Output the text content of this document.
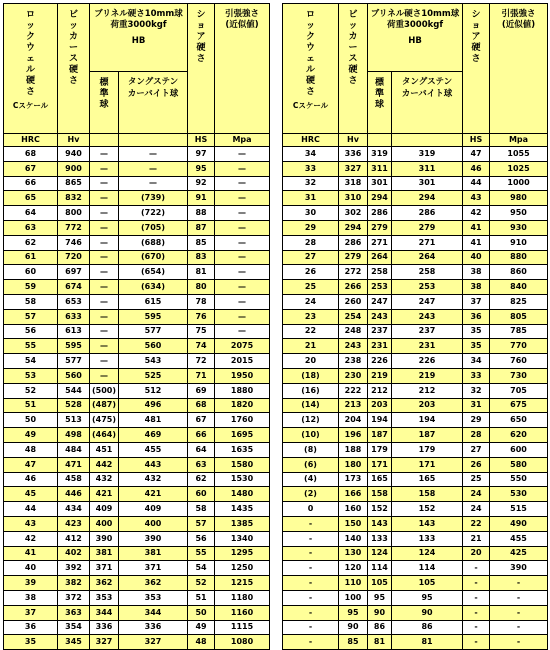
ロックウェル硬さ
Cスケール	ビッカース硬さ	ブリネル硬さ10mm球
荷重3000kgf
HB		ショア硬さ	引張強さ
(近似値)

		標準球	タングステン
カーバイト球		

HRC	Hv			HS	Mpa
68	940	—	—	97	—
67	900	—	—	95	—
66	865	—	—	92	—
65	832	—	(739)	91	—
64	800	—	(722)	88	—
63	772	—	(705)	87	—
62	746	—	(688)	85	—
61	720	—	(670)	83	—
60	697	—	(654)	81	—
59	674	—	(634)	80	—
58	653	—	615	78	—
57	633	—	595	76	—
56	613	—	577	75	—
55	595	—	560	74	2075
54	577	—	543	72	2015
53	560	—	525	71	1950
52	544	(500)	512	69	1880
51	528	(487)	496	68	1820
50	513	(475)	481	67	1760
49	498	(464)	469	66	1695
48	484	451	455	64	1635
47	471	442	443	63	1580
46	458	432	432	62	1530
45	446	421	421	60	1480
44	434	409	409	58	1435
43	423	400	400	57	1385
42	412	390	390	56	1340
41	402	381	381	55	1295
40	392	371	371	54	1250
39	382	362	362	52	1215
38	372	353	353	51	1180
37	363	344	344	50	1160
36	354	336	336	49	1115
35	345	327	327	48	1080
ロックウェル硬さ
Cスケール	ビッカース硬さ	ブリネル硬さ10mm球
荷重3000kgf
HB		ショア硬さ	引張強さ
(近似値)

		標準球	タングステン
カーバイト球		

HRC	Hv			HS	Mpa
34	336	319	319	47	1055
33	327	311	311	46	1025
32	318	301	301	44	1000
31	310	294	294	43	980
30	302	286	286	42	950
29	294	279	279	41	930
28	286	271	271	41	910
27	279	264	264	40	880
26	272	258	258	38	860
25	266	253	253	38	840
24	260	247	247	37	825
23	254	243	243	36	805
22	248	237	237	35	785
21	243	231	231	35	770
20	238	226	226	34	760
(18)	230	219	219	33	730
(16)	222	212	212	32	705
(14)	213	203	203	31	675
(12)	204	194	194	29	650
(10)	196	187	187	28	620
(8)	188	179	179	27	600
(6)	180	171	171	26	580
(4)	173	165	165	25	550
(2)	166	158	158	24	530
0	160	152	152	24	515
-	150	143	143	22	490
-	140	133	133	21	455
-	130	124	124	20	425
-	120	114	114	-	390
-	110	105	105	-	-
-	100	95	95	-	-
-	95	90	90	-	-
-	90	86	86	-	-
-	85	81	81	-	-
